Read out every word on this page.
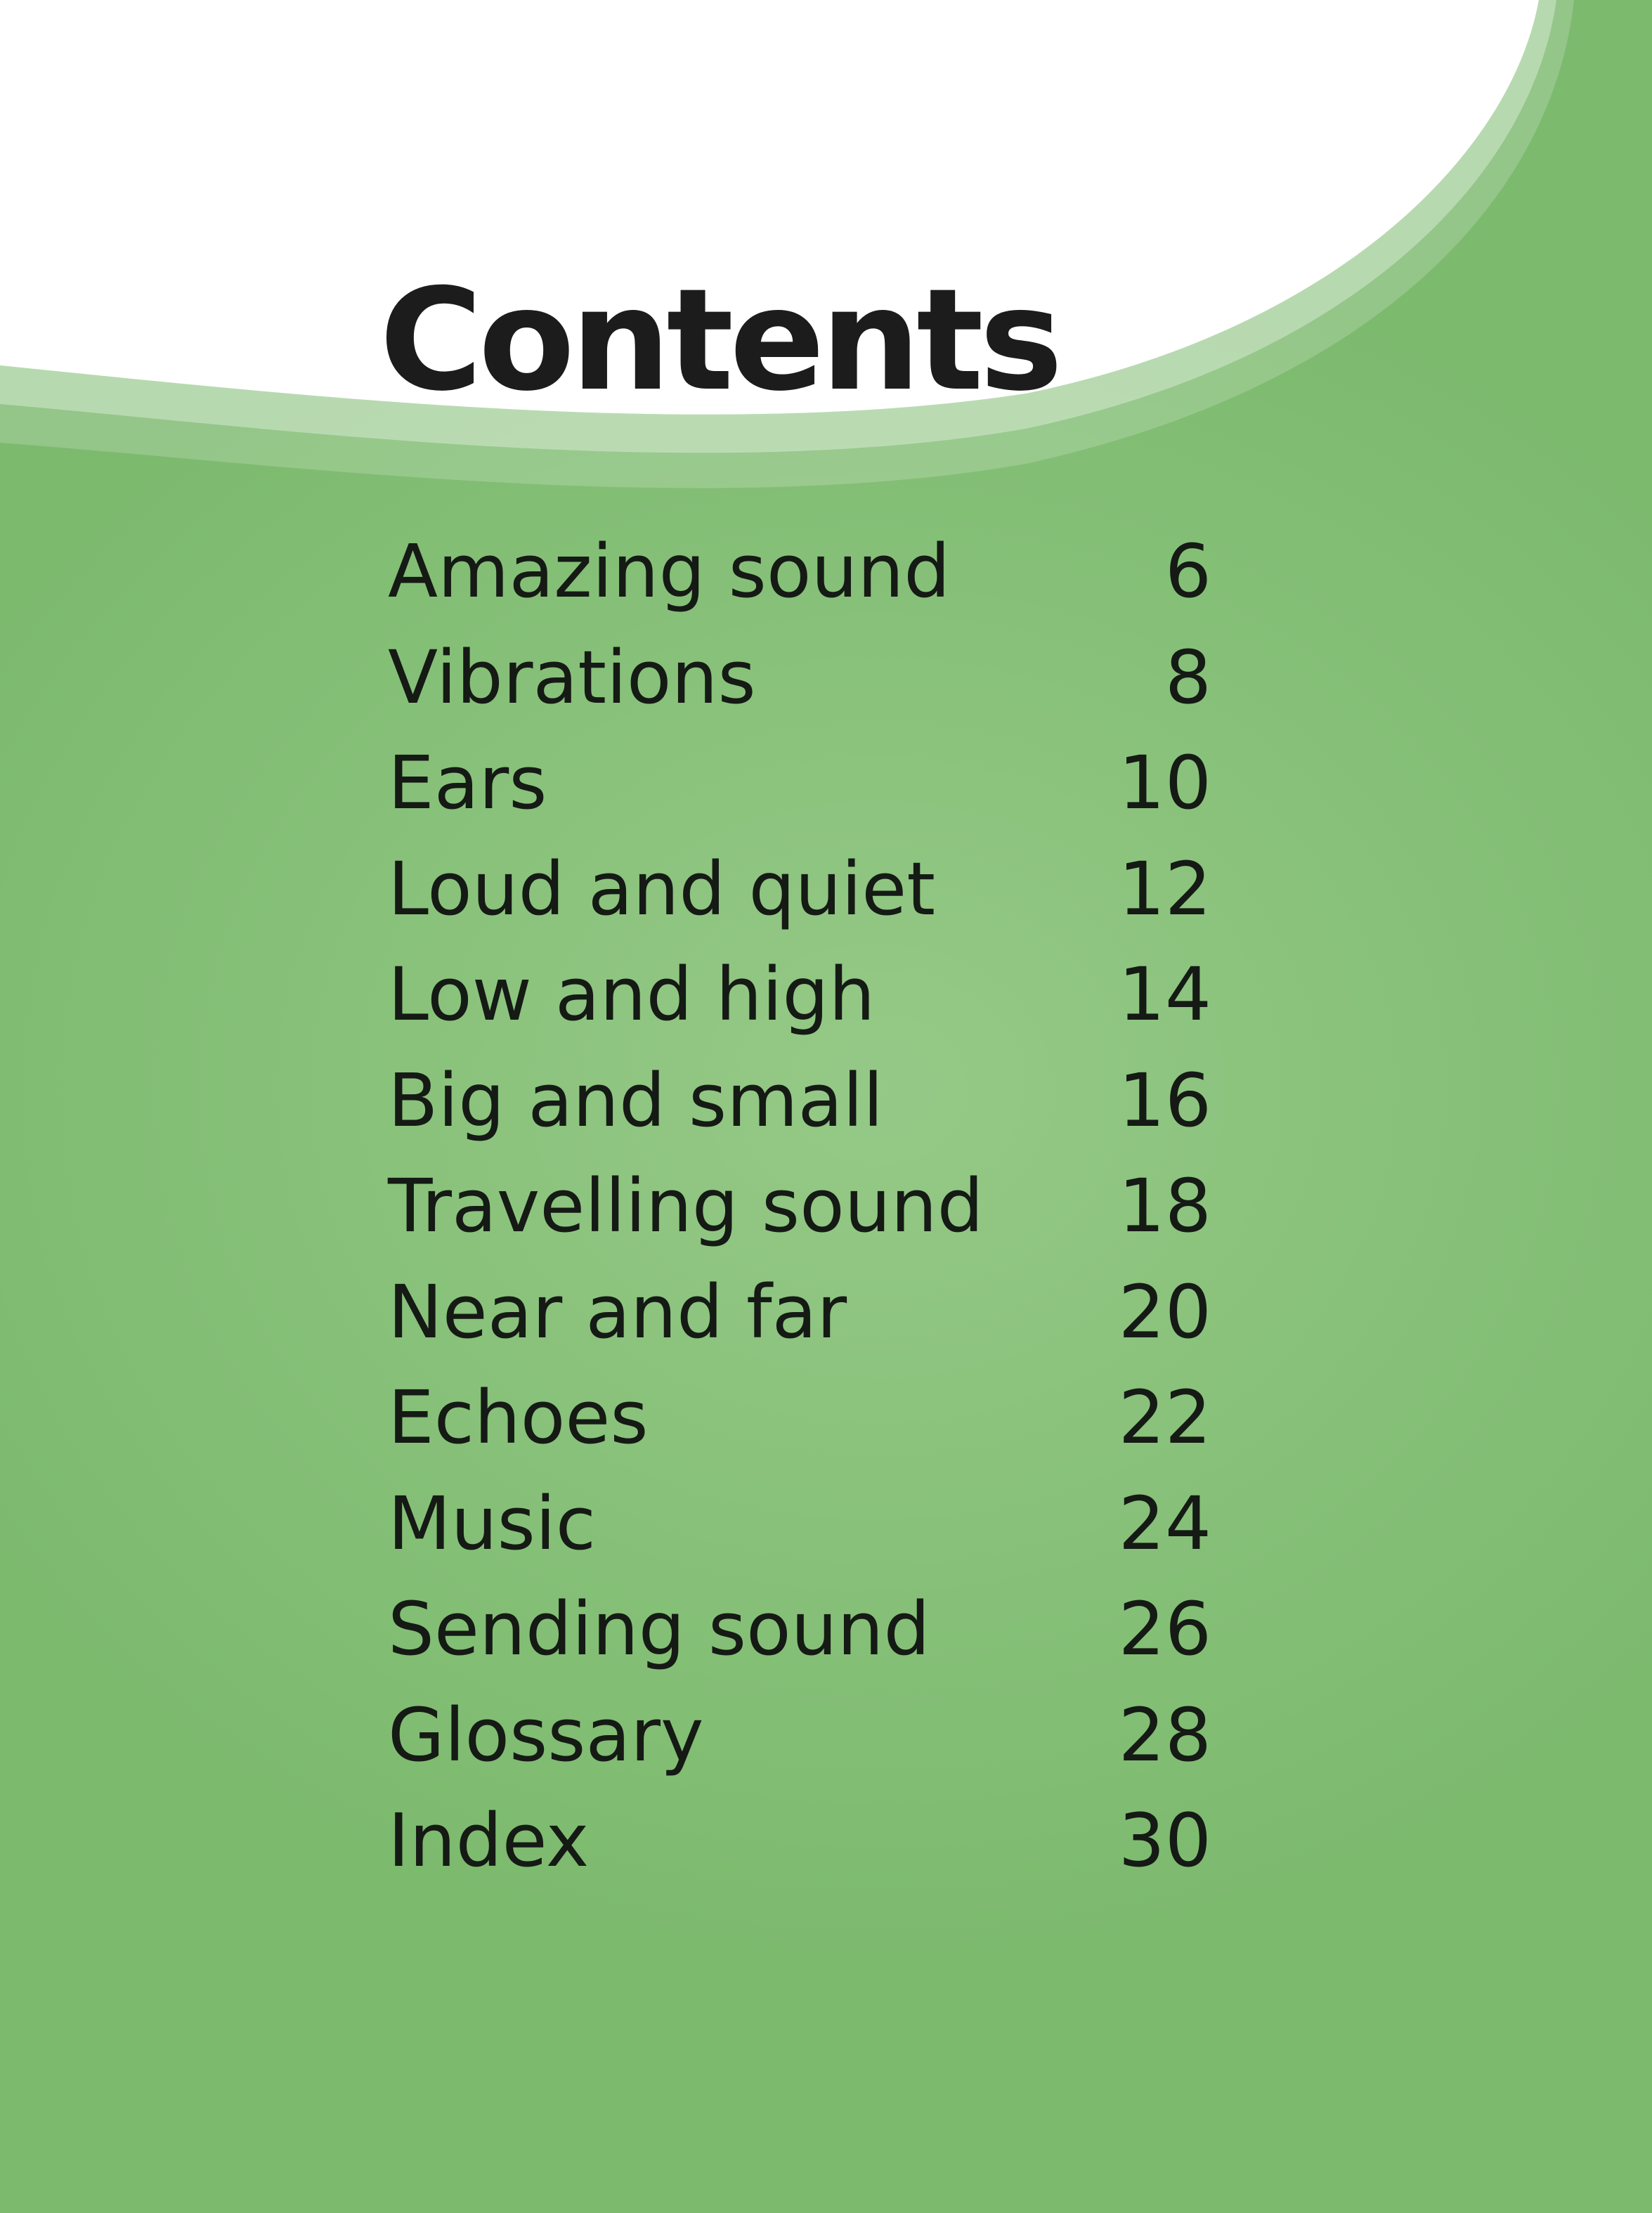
Contents
Amazing sound	6
Vibrations	8
Ears	10
Loud and quiet	12
Low and high	14
Big and small	16
Travelling sound 18
Near and far	20
Echoes	22
Music	24
Sending sound	26
Glossary	28
Index	30
